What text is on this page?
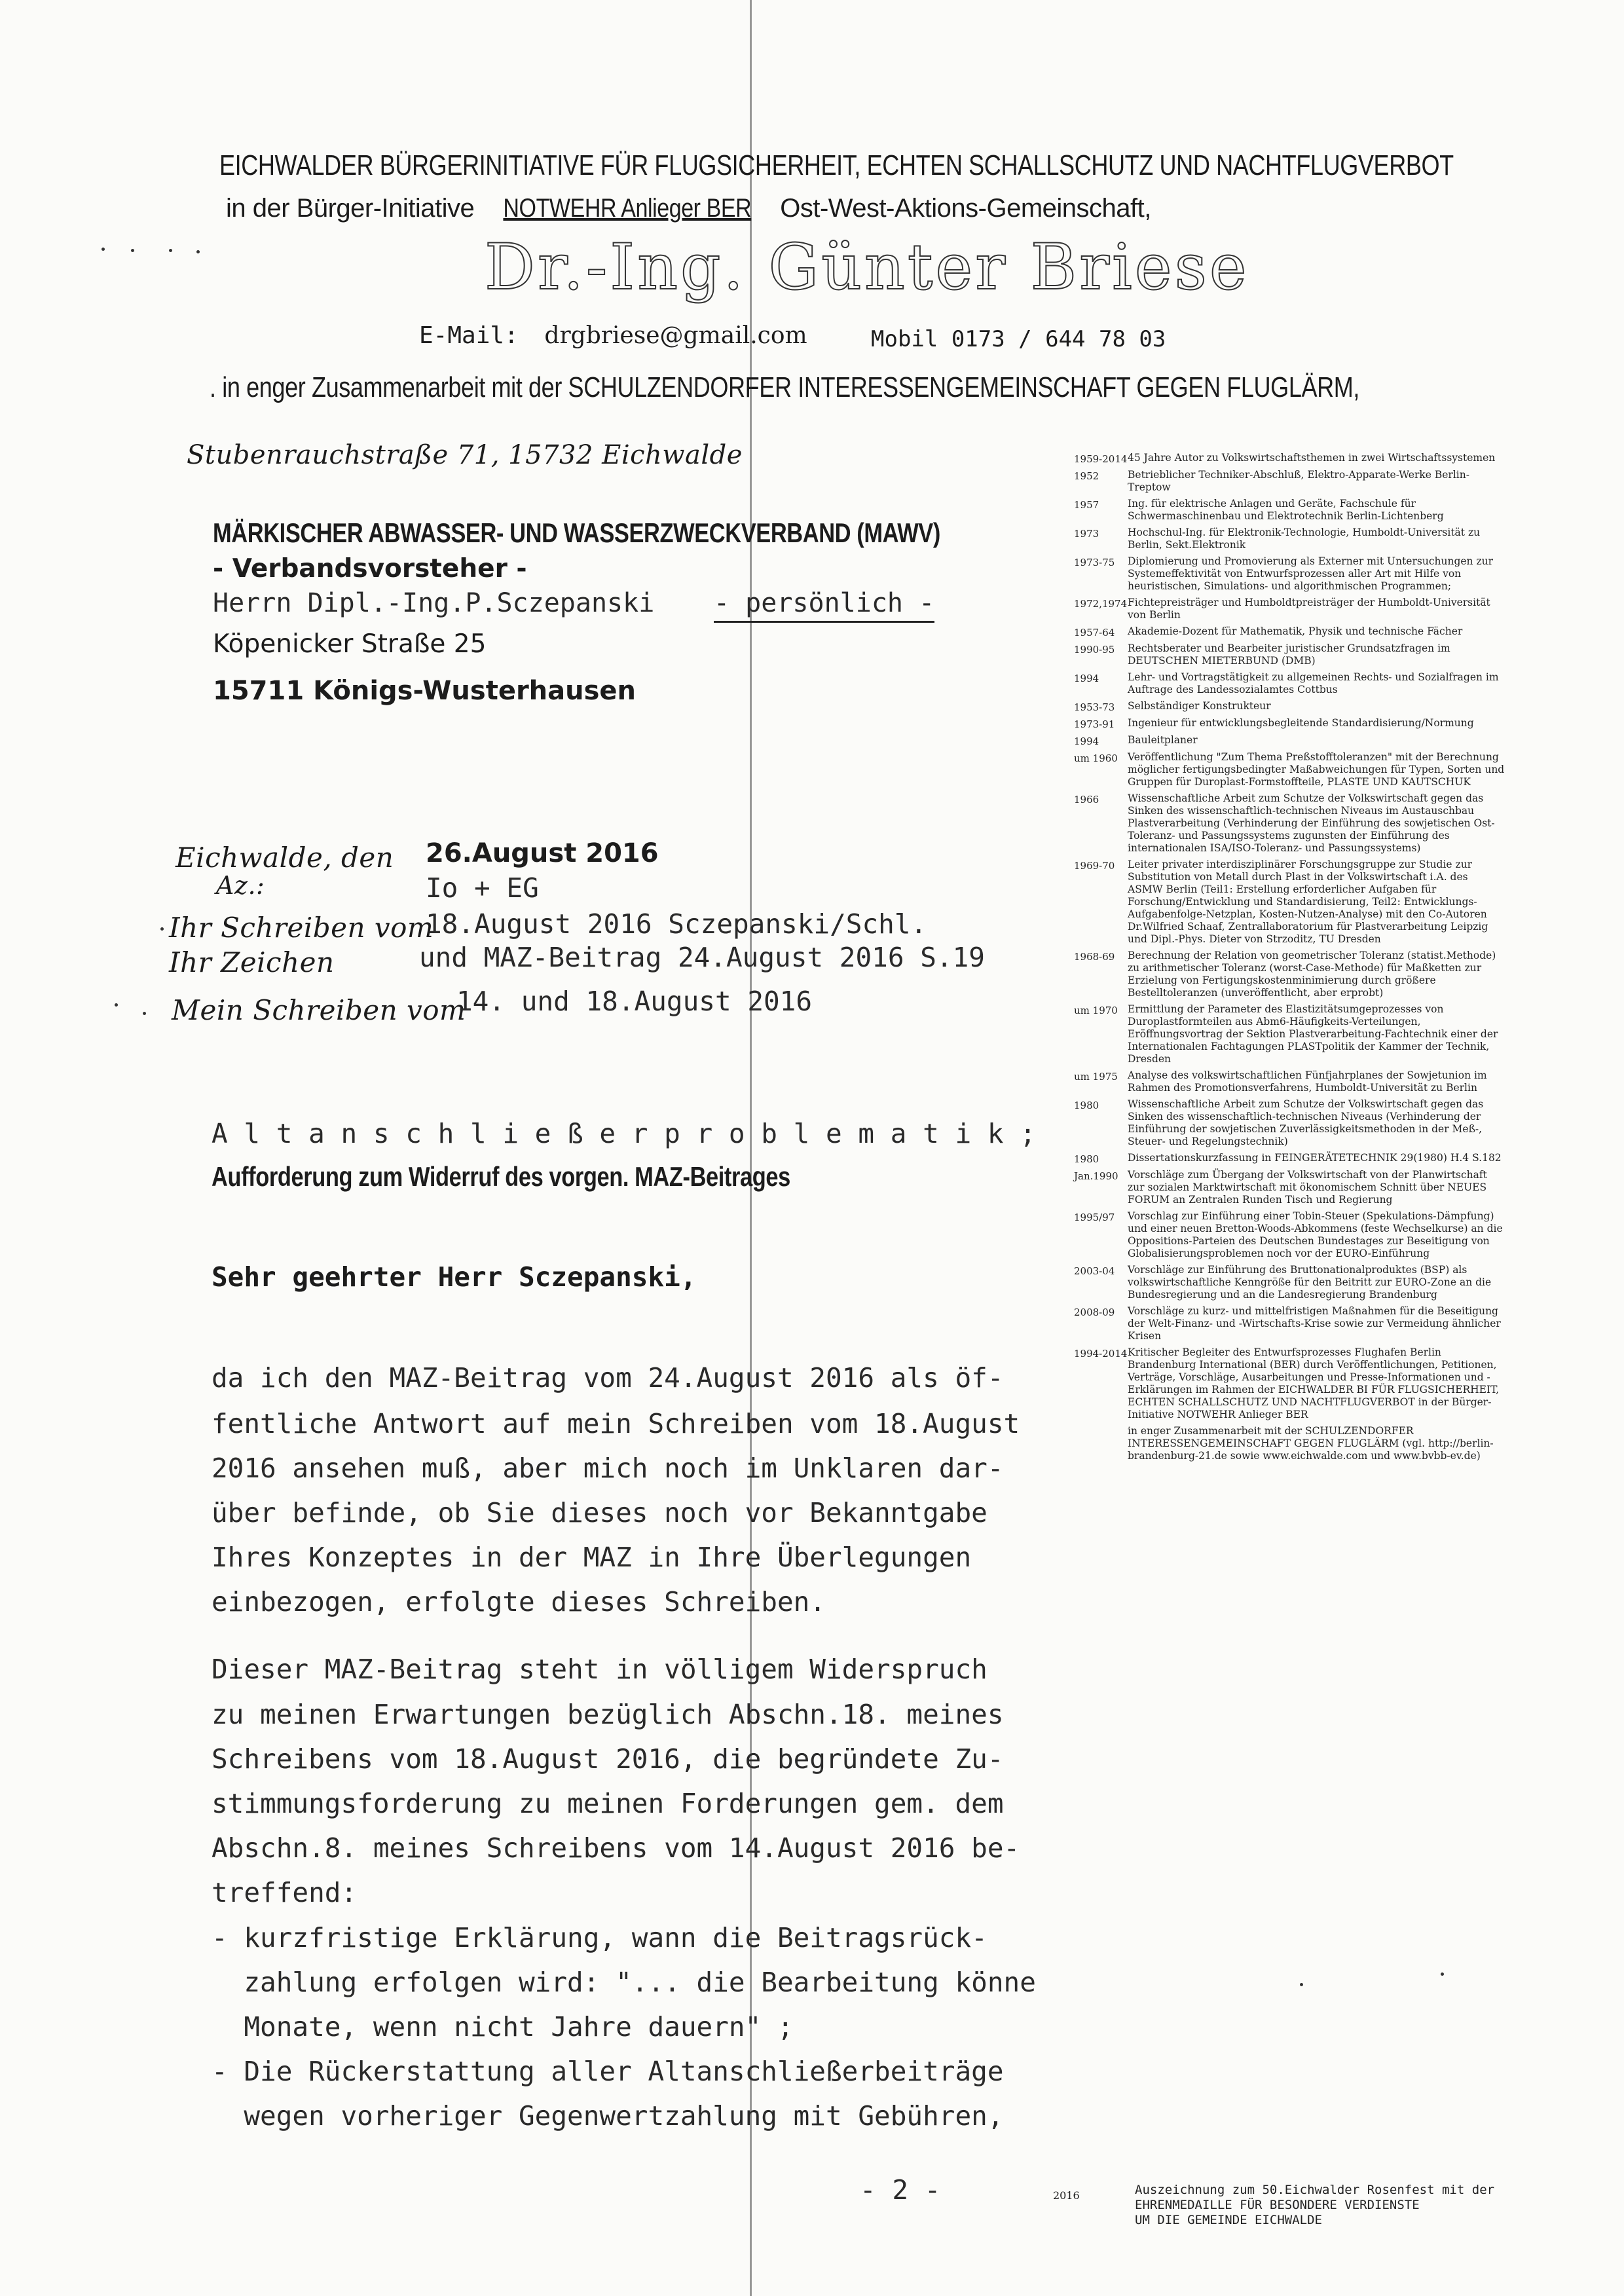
EICHWALDER BÜRGERINITIATIVE FÜR FLUGSICHERHEIT, ECHTEN SCHALLSCHUTZ UND NACHTFLUGVERBOT
in der Bürger-Initiative NOTWEHR Anlieger BER Ost-West-Aktions-Gemeinschaft,
Dr.-Ing. Günter Briese
E-Mail: drgbriese@gmail.com	Mobil 0173 / 644 78 03
. in enger Zusammenarbeit mit der SCHULZENDORFER INTERESSENGEMEINSCHAFT GEGEN FLUGLÄRM,
Stubenrauchstraße 71, 15732 Eichwalde
MÄRKISCHER ABWASSER- UND WASSERZWECKVERBAND (MAWV)
- Verbandsvorsteher -
Herrn Dipl.-Ing.P.Sczepanski - persönlich -
Köpenicker Straße 25
15711 Königs-Wusterhausen
Eichwalde, den 26.August 2016
Az.:	Io + EG
Ihr Schreiben vom
18.August 2016 Sczepanski/Schl.
Ihr Zeichen	und MAZ-Beitrag 24.August 2016 S.19
Mein Schreiben vom
14. und 18.August 2016
A l t a n s c h l i e ß e r p r o b l e m a t i k ;
Aufforderung zum Widerruf des vorgen. MAZ-Beitrages
Sehr geehrter Herr Sczepanski,
da ich den MAZ-Beitrag vom 24.August 2016 als öf-
fentliche Antwort auf mein Schreiben vom 18.August
2016 ansehen muß, aber mich noch im Unklaren dar-
über befinde, ob Sie dieses noch vor Bekanntgabe
Ihres Konzeptes in der MAZ in Ihre Überlegungen
einbezogen, erfolgte dieses Schreiben.
Dieser MAZ-Beitrag steht in völligem Widerspruch
zu meinen Erwartungen bezüglich Abschn.18. meines
Schreibens vom 18.August 2016, die begründete Zu-
stimmungsforderung zu meinen Forderungen gem. dem
Abschn.8. meines Schreibens vom 14.August 2016 be-
treffend:
- kurzfristige Erklärung, wann die Beitragsrück-
zahlung erfolgen wird: "... die Bearbeitung könne
Monate, wenn nicht Jahre dauern" ;
- Die Rückerstattung aller Altanschließerbeiträge
wegen vorheriger Gegenwertzahlung mit Gebühren,
- 2 -
1959-2014 45 Jahre Autor zu Volkswirtschaftsthemen in zwei Wirtschaftssystemen
1952	Betrieblicher Techniker-Abschluß, Elektro-Apparate-Werke Berlin-Treptow
1957	Ing. für elektrische Anlagen und Geräte, Fachschule für Schwermaschinenbau und Elektrotechnik Berlin-Lichtenberg
1973	Hochschul-Ing. für Elektronik-Technologie, Humboldt-Universität zu Berlin, Sekt.Elektronik
1973-75	Diplomierung und Promovierung als Externer mit Untersuchungen zur Systemeffektivität von Entwurfsprozessen aller Art mit Hilfe von heuristischen, Simulations- und algorithmischen Programmen;
1972,1974 Fichtepreisträger und Humboldtpreisträger der Humboldt-Universität von Berlin
1957-64	Akademie-Dozent für Mathematik, Physik und technische Fächer
1990-95	Rechtsberater und Bearbeiter juristischer Grundsatzfragen im DEUTSCHEN MIETERBUND (DMB)
1994	Lehr- und Vortragstätigkeit zu allgemeinen Rechts- und Sozialfragen im Auftrage des Landessozialamtes Cottbus
1953-73	Selbständiger Konstrukteur
1973-91	Ingenieur für entwicklungsbegleitende Standardisierung/Normung
1994	Bauleitplaner
um 1960 Veröffentlichung "Zum Thema Preßstofftoleranzen" mit der Berechnung möglicher fertigungsbedingter Maßabweichungen für Typen, Sorten und Gruppen für Duroplast-Formstoffteile, PLASTE UND KAUTSCHUK
1966	Wissenschaftliche Arbeit zum Schutze der Volkswirtschaft gegen das Sinken des wissenschaftlich-technischen Niveaus im Austauschbau Plastverarbeitung (Verhinderung der Einführung des sowjetischen Ost-Toleranz- und Passungssystems zugunsten der Einführung des internationalen ISA/ISO-Toleranz- und Passungssystems)
1969-70	Leiter privater interdisziplinärer Forschungsgruppe zur Studie zur Substitution von Metall durch Plast in der Volkswirtschaft i.A. des ASMW Berlin (Teil1: Erstellung erforderlicher Aufgaben für Forschung/Entwicklung und Standardisierung, Teil2: Entwicklungs-Aufgabenfolge-Netzplan, Kosten-Nutzen-Analyse) mit den Co-Autoren Dr.Wilfried Schaaf, Zentrallaboratorium für Plastverarbeitung Leipzig und Dipl.-Phys. Dieter von Strzoditz, TU Dresden
1968-69	Berechnung der Relation von geometrischer Toleranz (statist.Methode) zu arithmetischer Toleranz (worst-Case-Methode) für Maßketten zur Erzielung von Fertigungskostenminimierung durch größere Bestelltoleranzen (unveröffentlicht, aber erprobt)
um 1970 Ermittlung der Parameter des Elastizitätsumgeprozesses von Duroplastformteilen aus Abm6-Häufigkeits-Verteilungen, Eröffnungsvortrag der Sektion Plastverarbeitung-Fachtechnik einer der Internationalen Fachtagungen PLASTpolitik der Kammer der Technik, Dresden
um 1975 Analyse des volkswirtschaftlichen Fünfjahrplanes der Sowjetunion im Rahmen des Promotionsverfahrens, Humboldt-Universität zu Berlin
1980	Wissenschaftliche Arbeit zum Schutze der Volkswirtschaft gegen das Sinken des wissenschaftlich-technischen Niveaus (Verhinderung der Einführung der sowjetischen Zuverlässigkeitsmethoden in der Meß-, Steuer- und Regelungstechnik)
1980	Dissertationskurzfassung in FEINGERÄTETECHNIK 29(1980) H.4 S.182
Jan.1990 Vorschläge zum Übergang der Volkswirtschaft von der Planwirtschaft zur sozialen Marktwirtschaft mit ökonomischem Schnitt über NEUES FORUM an Zentralen Runden Tisch und Regierung
1995/97	Vorschlag zur Einführung einer Tobin-Steuer (Spekulations-Dämpfung) und einer neuen Bretton-Woods-Abkommens (feste Wechselkurse) an die Oppositions-Parteien des Deutschen Bundestages zur Beseitigung von Globalisierungsproblemen noch vor der EURO-Einführung
2003-04	Vorschläge zur Einführung des Bruttonationalproduktes (BSP) als volkswirtschaftliche Kenngröße für den Beitritt zur EURO-Zone an die Bundesregierung und an die Landesregierung Brandenburg
2008-09	Vorschläge zu kurz- und mittelfristigen Maßnahmen für die Beseitigung der Welt-Finanz- und -Wirtschafts-Krise sowie zur Vermeidung ähnlicher Krisen
1994-2014 Kritischer Begleiter des Entwurfsprozesses Flughafen Berlin Brandenburg International (BER) durch Veröffentlichungen, Petitionen, Verträge, Vorschläge, Ausarbeitungen und Presse-Informationen und -Erklärungen im Rahmen der EICHWALDER BI FÜR FLUGSICHERHEIT, ECHTEN SCHALLSCHUTZ UND NACHTFLUGVERBOT in der Bürger-Initiative NOTWEHR Anlieger BER
in enger Zusammenarbeit mit der SCHULZENDORFER INTERESSENGEMEINSCHAFT GEGEN FLUGLÄRM (vgl. http://berlin-brandenburg-21.de sowie www.eichwalde.com und www.bvbb-ev.de)
2016	Auszeichnung zum 50.Eichwalder Rosenfest mit der
EHRENMEDAILLE FÜR BESONDERE VERDIENSTE
UM DIE GEMEINDE EICHWALDE
